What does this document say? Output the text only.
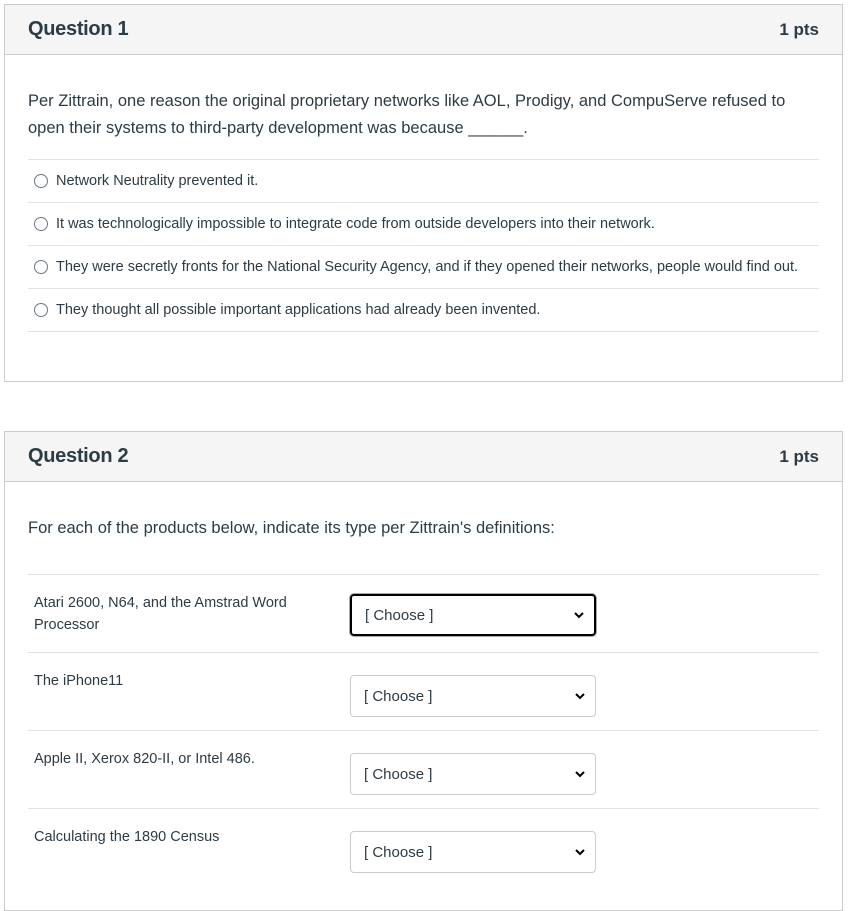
Question 1	1 pts
Per Zittrain, one reason the original proprietary networks like AOL, Prodigy, and CompuServe refused to open their systems to third-party development was because ______.
Network Neutrality prevented it.
It was technologically impossible to integrate code from outside developers into their network.
They were secretly fronts for the National Security Agency, and if they opened their networks, people would find out.
They thought all possible important applications had already been invented.
Question 2	1 pts
For each of the products below, indicate its type per Zittrain's definitions:
Atari 2600, N64, and the Amstrad Word Processor
[ Choose ]
The iPhone11
[ Choose ]
Apple II, Xerox 820-II, or Intel 486.
[ Choose ]
Calculating the 1890 Census
[ Choose ]
